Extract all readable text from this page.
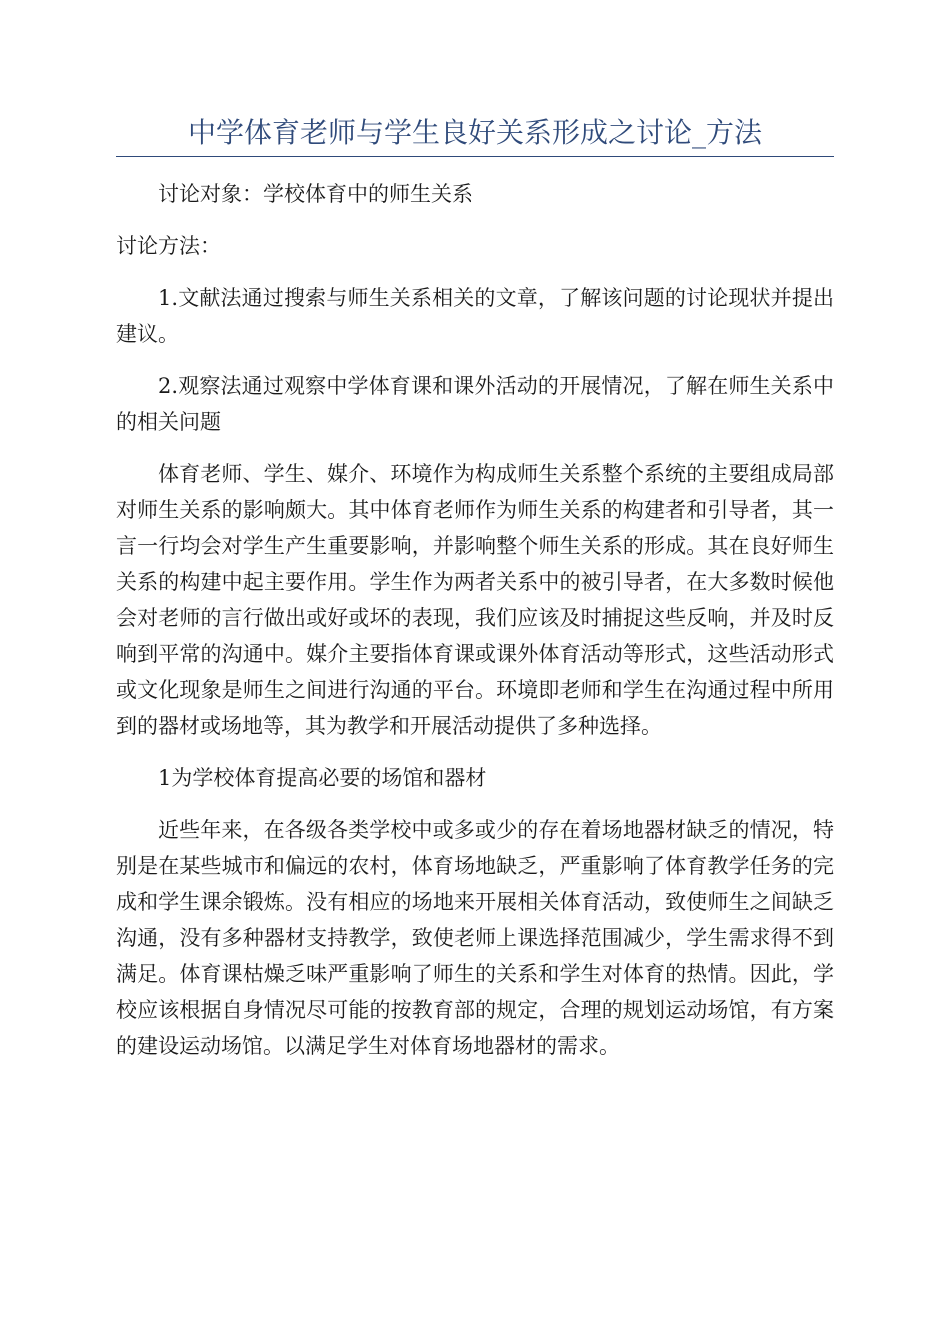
中学体育老师与学生良好关系形成之讨论_方法

讨论对象：学校体育中的师生关系

讨论方法：

1.文献法通过搜索与师生关系相关的文章，了解该问题的讨论现状并提出建议。

2.观察法通过观察中学体育课和课外活动的开展情况，了解在师生关系中的相关问题

体育老师、学生、媒介、环境作为构成师生关系整个系统的主要组成局部对师生关系的影响颇大。其中体育老师作为师生关系的构建者和引导者，其一言一行均会对学生产生重要影响，并影响整个师生关系的形成。其在良好师生关系的构建中起主要作用。学生作为两者关系中的被引导者，在大多数时候他会对老师的言行做出或好或坏的表现，我们应该及时捕捉这些反响，并及时反响到平常的沟通中。媒介主要指体育课或课外体育活动等形式，这些活动形式或文化现象是师生之间进行沟通的平台。环境即老师和学生在沟通过程中所用到的器材或场地等，其为教学和开展活动提供了多种选择。

1为学校体育提高必要的场馆和器材

近些年来，在各级各类学校中或多或少的存在着场地器材缺乏的情况，特别是在某些城市和偏远的农村，体育场地缺乏，严重影响了体育教学任务的完成和学生课余锻炼。没有相应的场地来开展相关体育活动，致使师生之间缺乏沟通，没有多种器材支持教学，致使老师上课选择范围减少，学生需求得不到满足。体育课枯燥乏味严重影响了师生的关系和学生对体育的热情。因此，学校应该根据自身情况尽可能的按教育部的规定，合理的规划运动场馆，有方案的建设运动场馆。以满足学生对体育场地器材的需求。
